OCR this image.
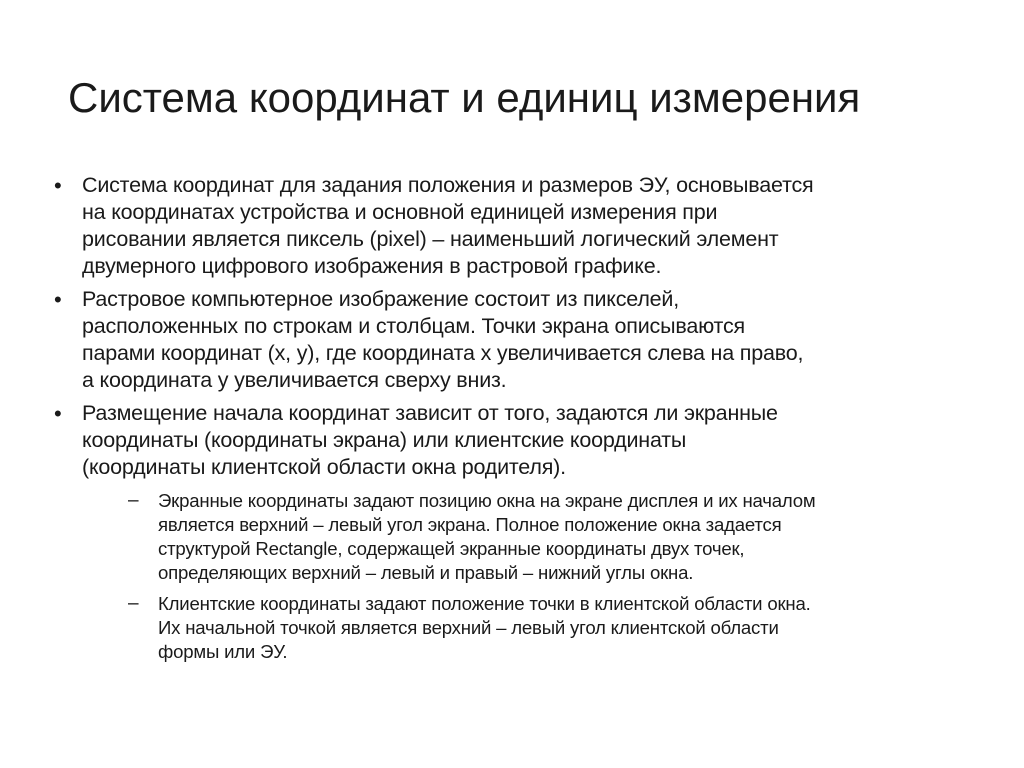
Система координат и единиц измерения
• Система координат для задания положения и размеров ЭУ, основывается
на координатах устройства и основной единицей измерения при
рисовании является пиксель (pixel) – наименьший логический элемент
двумерного цифрового изображения в растровой графике.
• Растровое компьютерное изображение состоит из пикселей,
расположенных по строкам и столбцам. Точки экрана описываются
парами координат (x, y), где координата x увеличивается слева на право,
а координата y увеличивается сверху вниз.
• Размещение начала координат зависит от того, задаются ли экранные
координаты (координаты экрана) или клиентские координаты
(координаты клиентской области окна родителя).
– Экранные координаты задают позицию окна на экране дисплея и их началом
является верхний – левый угол экрана. Полное положение окна задается
структурой Rectangle, содержащей экранные координаты двух точек,
определяющих верхний – левый и правый – нижний углы окна.
– Клиентские координаты задают положение точки в клиентской области окна.
Их начальной точкой является верхний – левый угол клиентской области
формы или ЭУ.
